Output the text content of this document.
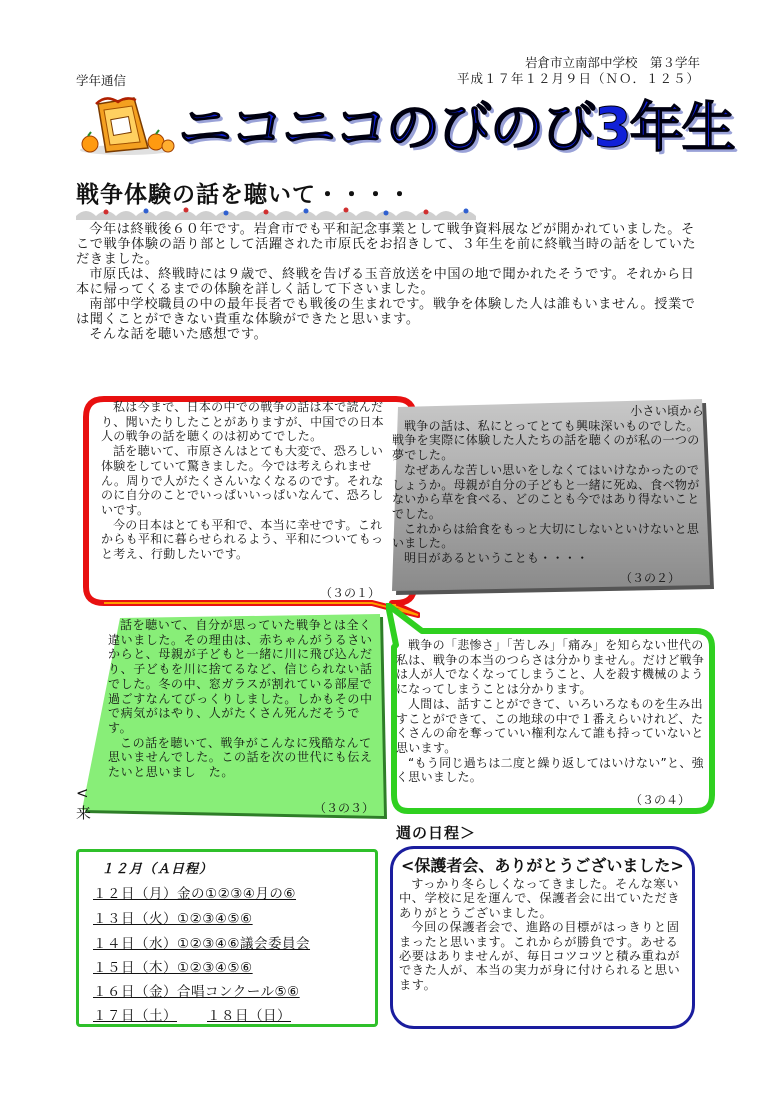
岩倉市立南部中学校　第３学年
平成１７年１２月９日（ＮＯ．１２５）
学年通信
ニコニコのびのび3年生
戦争体験の話を聴いて・・・・

今年は終戦後６０年です。岩倉市でも平和記念事業として戦争資料展などが開かれていました。そこで戦争体験の語り部として活躍された市原氏をお招きして、３年生を前に終戦当時の話をしていただきました。

市原氏は、終戦時には９歳で、終戦を告げる玉音放送を中国の地で聞かれたそうです。それから日本に帰ってくるまでの体験を詳しく話して下さいました。

南部中学校職員の中の最年長者でも戦後の生まれです。戦争を体験した人は誰もいません。授業では聞くことができない貴重な体験ができたと思います。

そんな話を聴いた感想です。

私は今まで、日本の中での戦争の話は本で読んだり、聞いたりしたことがありますが、中国での日本人の戦争の話を聴くのは初めてでした。

話を聴いて、市原さんはとても大変で、恐ろしい体験をしていて驚きました。今では考えられません。周りで人がたくさんいなくなるのです。それなのに自分のことでいっぱいいっぱいなんて、恐ろしいです。

今の日本はとても平和で、本当に幸せです。これからも平和に暮らせられるよう、平和についてもっと考え、行動したいです。

（３の１）

小さい頃から

戦争の話は、私にとってとても興味深いものでした。戦争を実際に体験した人たちの話を聴くのが私の一つの夢でした。

なぜあんな苦しい思いをしなくてはいけなかったのでしょうか。母親が自分の子どもと一緒に死ぬ、食べ物がないから草を食べる、どのことも今ではあり得ないことでした。

これからは給食をもっと大切にしないといけないと思いました。

明日があるということも・・・・

（３の２）

話を聴いて、自分が思っていた戦争とは全く違いました。その理由は、赤ちゃんがうるさいからと、母親が子どもと一緒に川に飛び込んだり、子どもを川に捨てるなど、信じられない話でした。冬の中、窓ガラスが割れている部屋で過ごすなんてびっくりしました。しかもその中で病気がはやり、人がたくさん死んだそうです。

この話を聴いて、戦争がこんなに残酷なんて思いませんでした。この話を次の世代にも伝えたいと思いまし　た。

（３の３）

戦争の「悲惨さ」「苦しみ」「痛み」を知らない世代の私は、戦争の本当のつらさは分かりません。だけど戦争は人が人でなくなってしまうこと、人を殺す機械のようになってしまうことは分かります。

人間は、話すことができて、いろいろなものを生み出すことができて、この地球の中で１番えらいけれど、たくさんの命を奪っていい権利なんて誰も持っていないと思います。

“もう同じ過ちは二度と繰り返してはいけない”と、強く思いました。

（３の４）
<
来
週の日程＞
１２月（Ａ日程）
１２日（月）金の①②③④月の⑥
１３日（火）①②③④⑤⑥
１４日（水）①②③④⑥議会委員会
１５日（木）①②③④⑤⑥
１６日（金）合唱コンクール⑤⑥
１７日（土） １８日（日）
<保護者会、ありがとうございました>

すっかり冬らしくなってきました。そんな寒い中、学校に足を運んで、保護者会に出ていただきありがとうございました。

今回の保護者会で、進路の目標がはっきりと固まったと思います。これからが勝負です。あせる必要はありませんが、毎日コツコツと積み重ねができた人が、本当の実力が身に付けられると思います。
